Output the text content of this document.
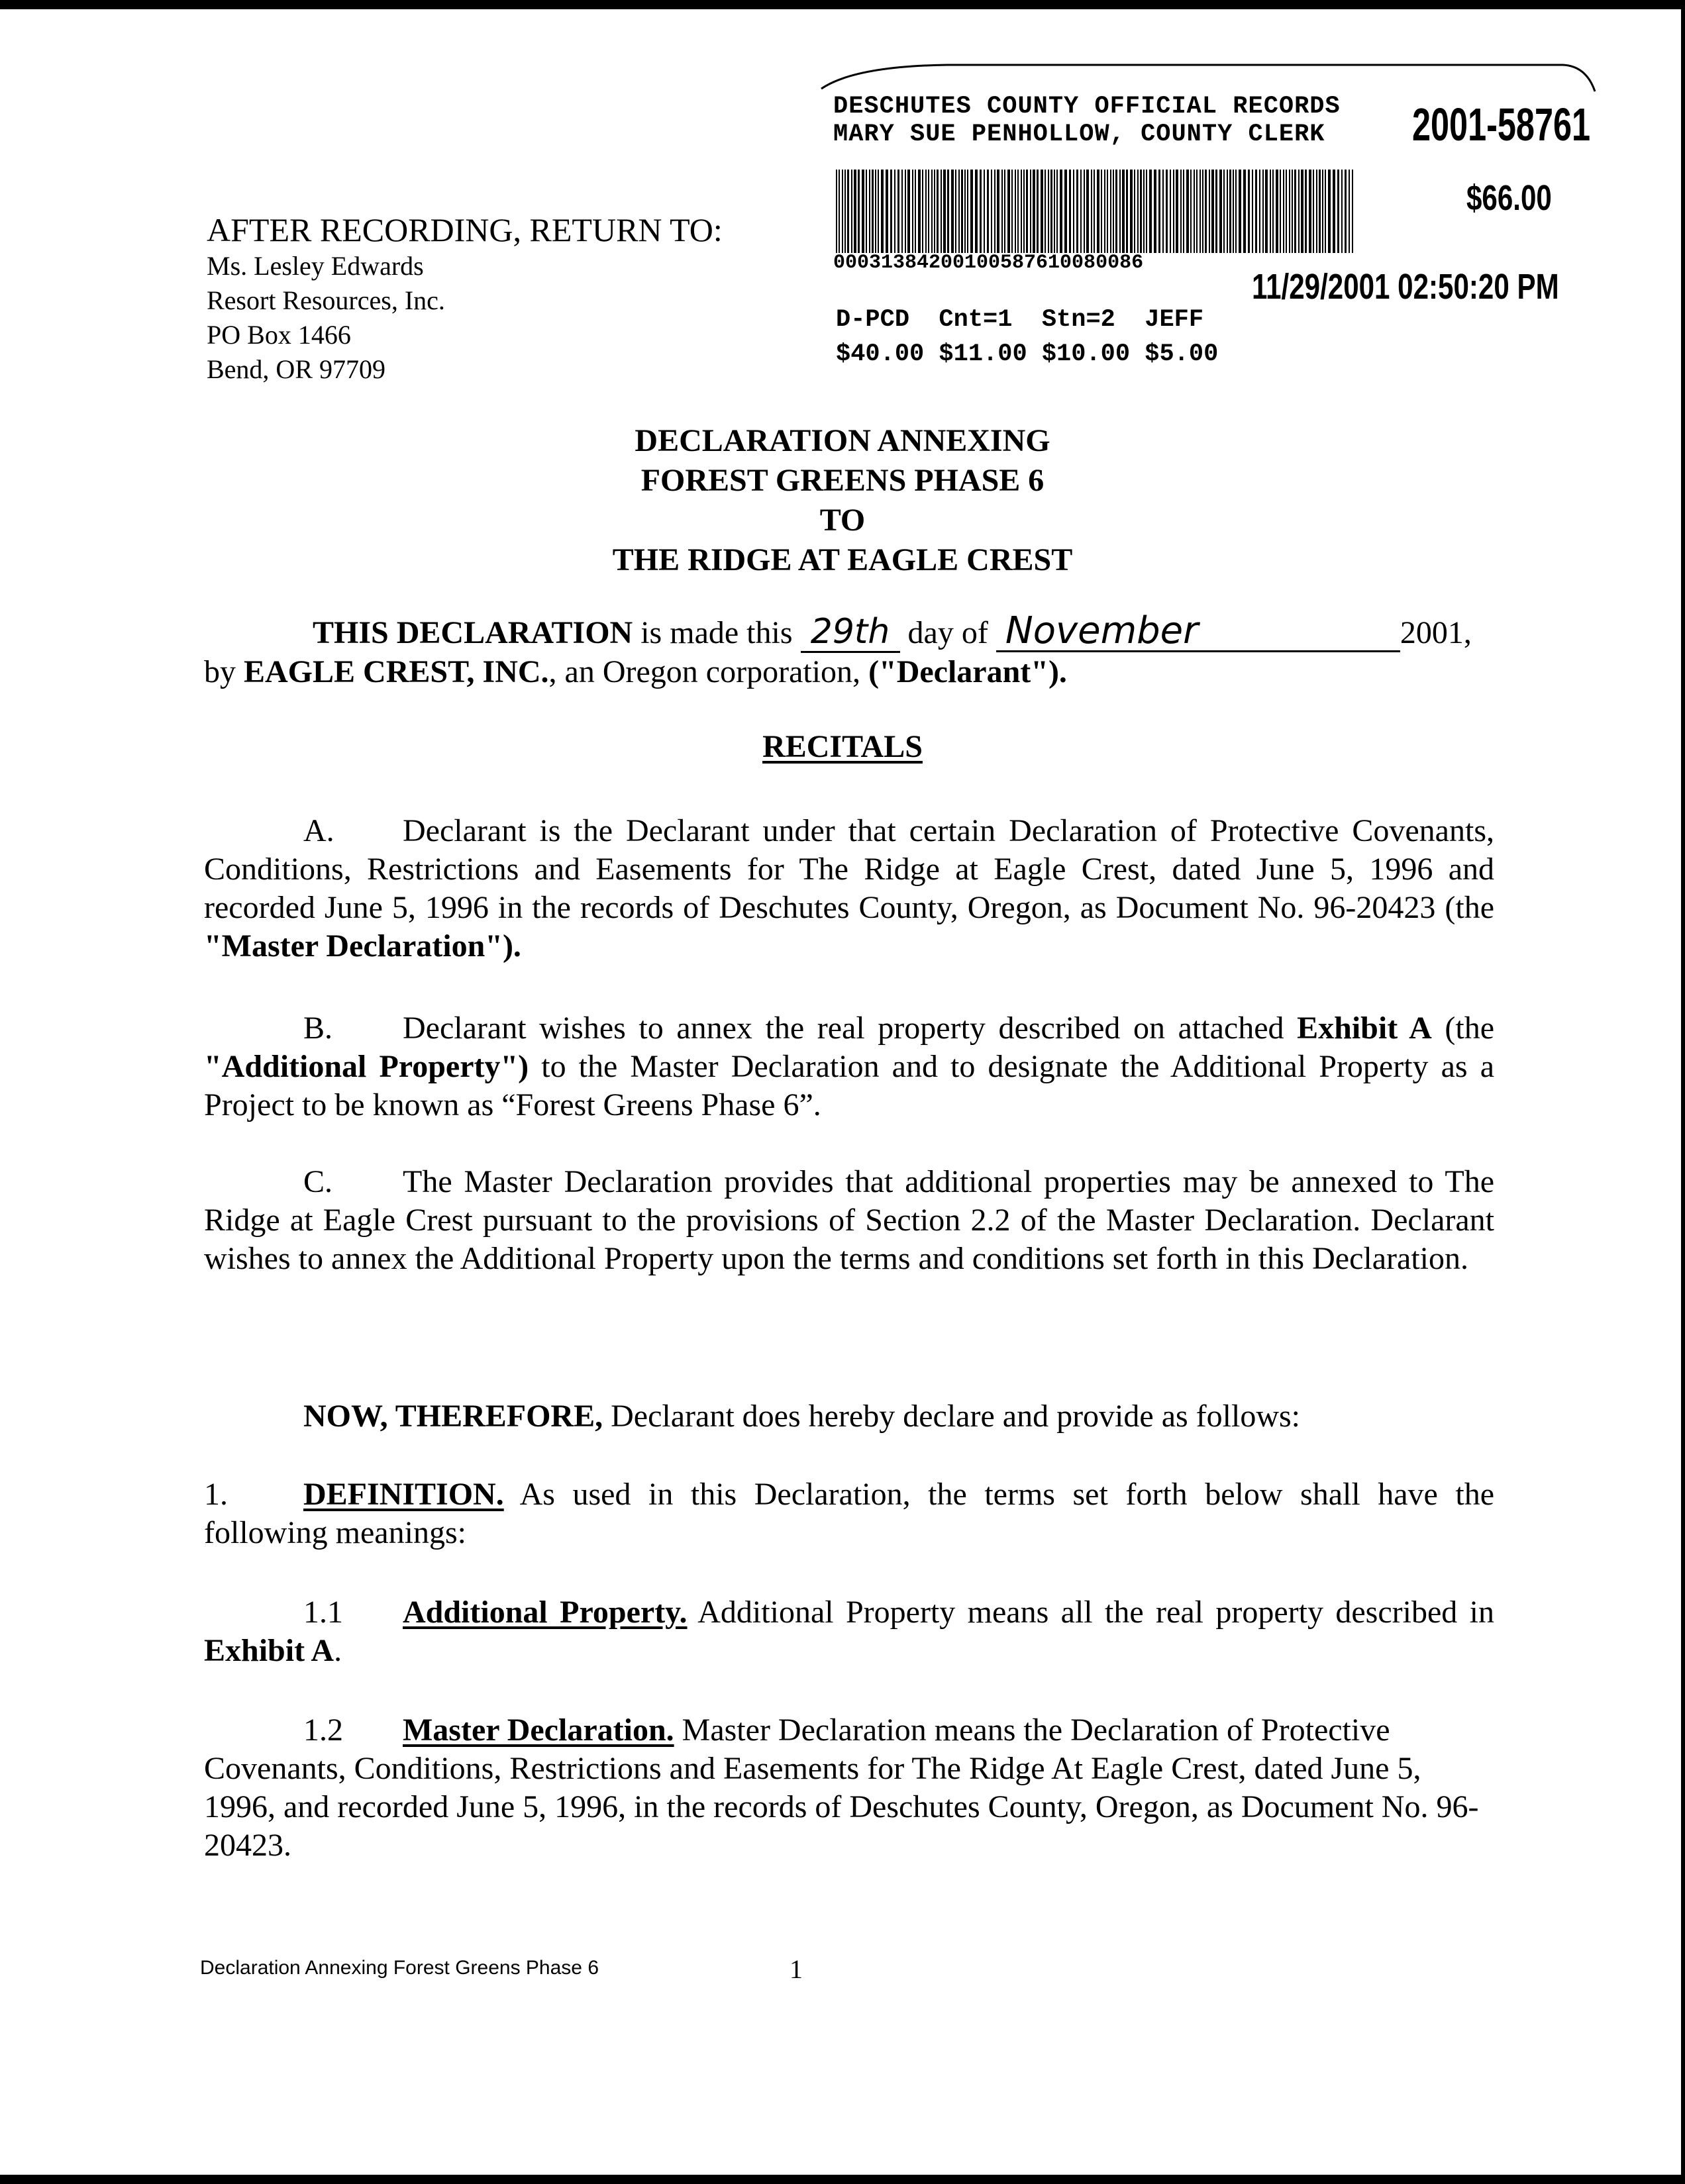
DESCHUTES COUNTY OFFICIAL RECORDS
MARY SUE PENHOLLOW, COUNTY CLERK 2001-58761
$66.00
00031384200100587610080086
11/29/2001 02:50:20 PM
D-PCD  Cnt=1  Stn=2  JEFF
$40.00 $11.00 $10.00 $5.00
AFTER RECORDING, RETURN TO:
Ms. Lesley Edwards
Resort Resources, Inc.
PO Box 1466
Bend, OR 97709
DECLARATION ANNEXING
FOREST GREENS PHASE 6
TO
THE RIDGE AT EAGLE CREST
THIS DECLARATION is made this 29th day of November	2001,
by EAGLE CREST, INC., an Oregon corporation, ("Declarant").
RECITALS
A. Declarant is the Declarant under that certain Declaration of Protective Covenants, Conditions, Restrictions and Easements for The Ridge at Eagle Crest, dated June 5, 1996 and recorded June 5, 1996 in the records of Deschutes County, Oregon, as Document No. 96-20423 (the "Master Declaration").
B. Declarant wishes to annex the real property described on attached Exhibit A (the "Additional Property") to the Master Declaration and to designate the Additional Property as a Project to be known as “Forest Greens Phase 6”.
C. The Master Declaration provides that additional properties may be annexed to The Ridge at Eagle Crest pursuant to the provisions of Section 2.2 of the Master Declaration. Declarant wishes to annex the Additional Property upon the terms and conditions set forth in this Declaration.
NOW, THEREFORE, Declarant does hereby declare and provide as follows:
1. DEFINITION. As used in this Declaration, the terms set forth below shall have the following meanings:
1.1 Additional Property. Additional Property means all the real property described in Exhibit A.
1.2 Master Declaration. Master Declaration means the Declaration of Protective Covenants, Conditions, Restrictions and Easements for The Ridge At Eagle Crest, dated June 5, 1996, and recorded June 5, 1996, in the records of Deschutes County, Oregon, as Document No. 96-20423.
Declaration Annexing Forest Greens Phase 6	1
